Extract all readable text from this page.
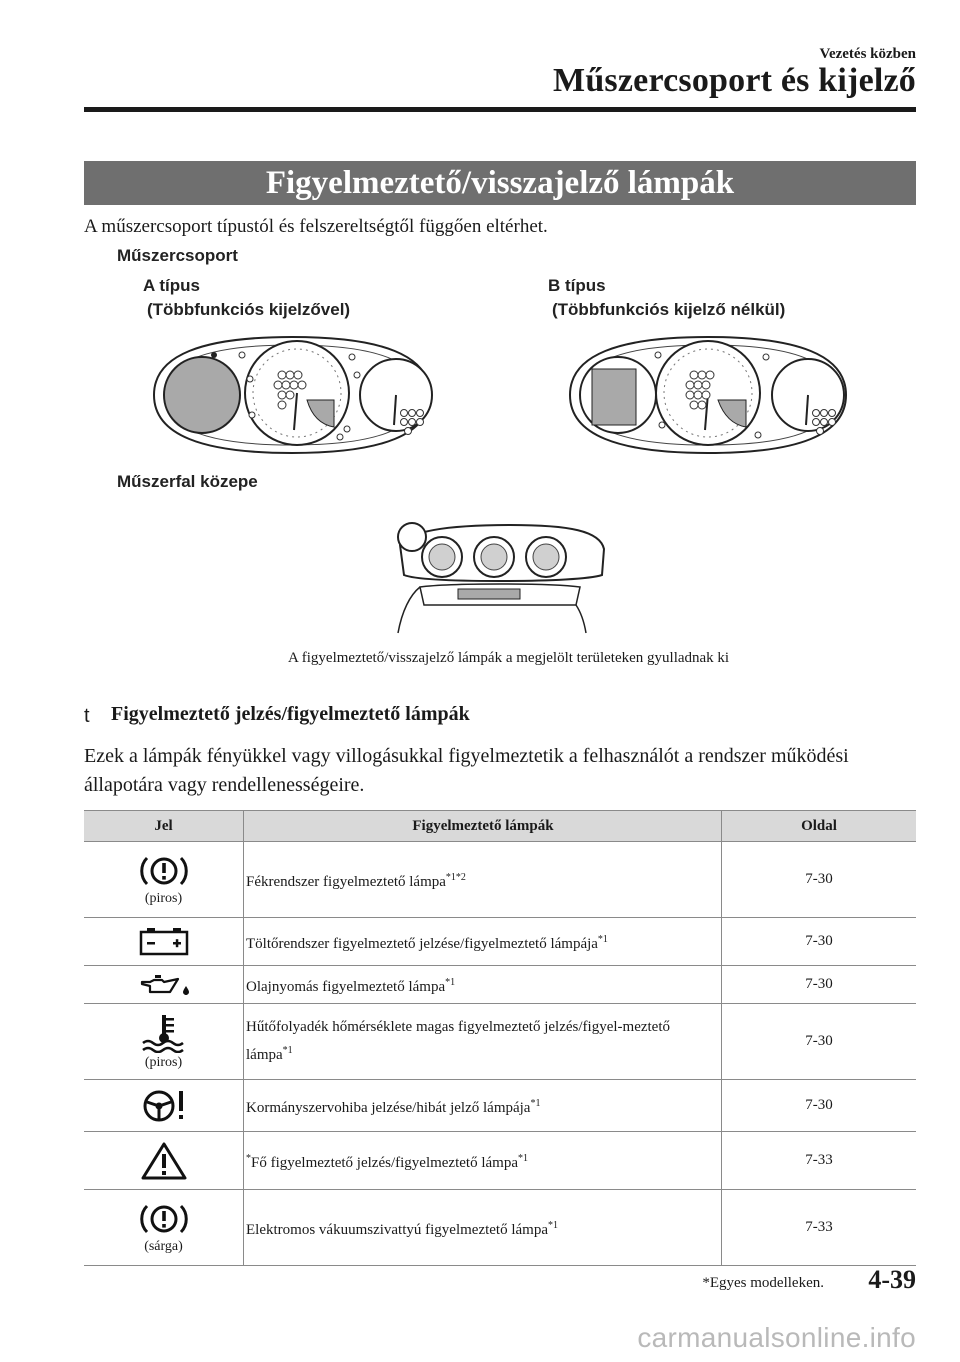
Vezetés közben
Műszercsoport és kijelző
Figyelmeztető/visszajelző lámpák
A műszercsoport típustól és felszereltségtől függően eltérhet.
Műszercsoport
A típus
(Többfunkciós kijelzővel)
B típus
(Többfunkciós kijelző nélkül)
Műszerfal közepe
A figyelmeztető/visszajelző lámpák a megjelölt területeken gyulladnak ki
t Figyelmeztető jelzés/figyelmeztető lámpák
Ezek a lámpák fényükkel vagy villogásukkal figyelmeztetik a felhasználót a rendszer működési állapotára vagy rendellenességeire.
Jel	Figyelmeztető lámpák	Oldal

(piros)	Fékrendszer figyelmeztető lámpa$^{*1*2}$	7-30

	Töltőrendszer figyelmeztető jelzése/figyelmeztető lámpája$^{*1}$	7-30

	Olajnyomás figyelmeztető lámpa$^{*1}$	7-30

(piros)	Hűtőfolyadék hőmérséklete magas figyelmeztető jelzés/figyel-meztető lámpa$^{*1}$	7-30

	Kormányszervohiba jelzése/hibát jelző lámpája$^{*1}$	7-30

	*Fő figyelmeztető jelzés/figyelmeztető lámpa$^{*1}$	7-33

(sárga)	Elektromos vákuumszivattyú figyelmeztető lámpa$^{*1}$	7-33
*Egyes modelleken. 4-39
carmanualsonline.info
